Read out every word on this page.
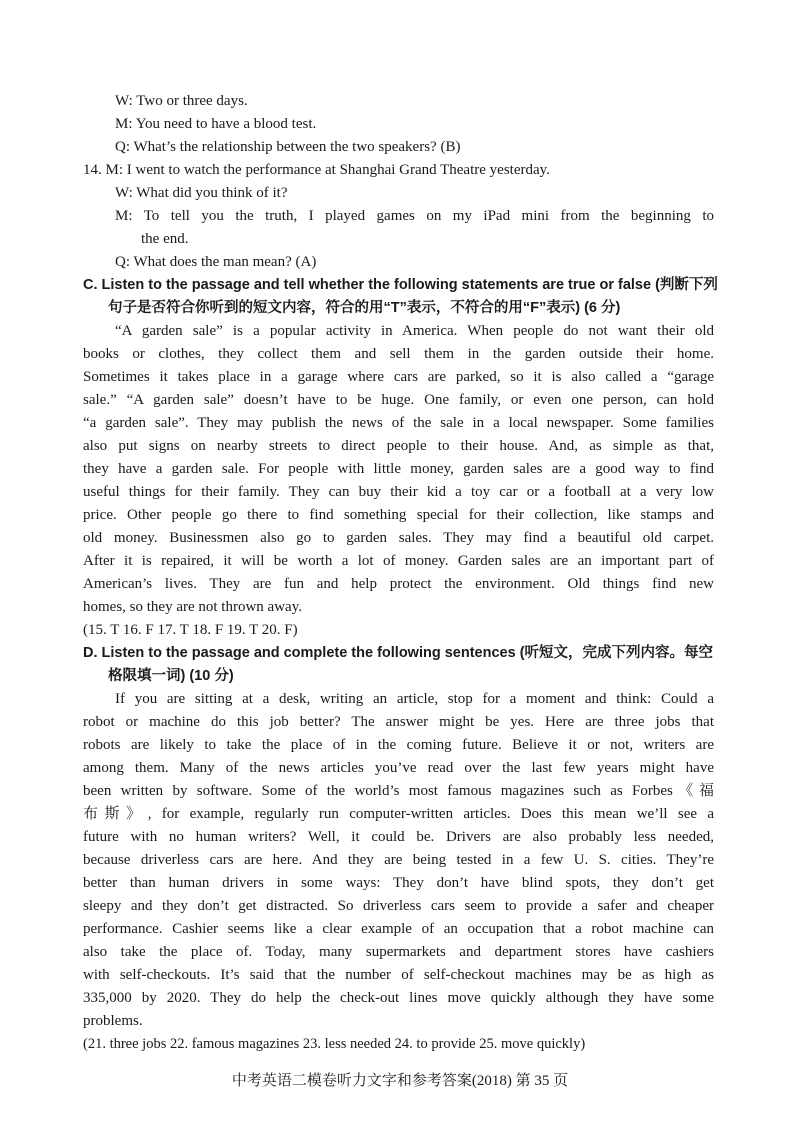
W: Two or three days.
M: You need to have a blood test.
Q: What’s the relationship between the two speakers? (B)
14. M: I went to watch the performance at Shanghai Grand Theatre yesterday.
W: What did you think of it?
M: To tell you the truth, I played games on my iPad mini from the beginning to
the end.
Q: What does the man mean? (A)
C. Listen to the passage and tell whether the following statements are true or false (判断下列
句子是否符合你听到的短文内容，符合的用“T”表示，不符合的用“F”表示) (6 分)
“A garden sale” is a popular activity in America. When people do not want their old
books or clothes, they collect them and sell them in the garden outside their home.
Sometimes it takes place in a garage where cars are parked, so it is also called a “garage
sale.” “A garden sale” doesn’t have to be huge. One family, or even one person, can hold
“a garden sale”. They may publish the news of the sale in a local newspaper. Some families
also put signs on nearby streets to direct people to their house. And, as simple as that,
they have a garden sale. For people with little money, garden sales are a good way to find
useful things for their family. They can buy their kid a toy car or a football at a very low
price. Other people go there to find something special for their collection, like stamps and
old money. Businessmen also go to garden sales. They may find a beautiful old carpet.
After it is repaired, it will be worth a lot of money. Garden sales are an important part of
American’s lives. They are fun and help protect the environment. Old things find new
homes, so they are not thrown away.
(15. T 16. F 17. T 18. F 19. T 20. F)
D. Listen to the passage and complete the following sentences (听短文，完成下列内容。每空
格限填一词) (10 分)
If you are sitting at a desk, writing an article, stop for a moment and think: Could a
robot or machine do this job better? The answer might be yes. Here are three jobs that
robots are likely to take the place of in the coming future. Believe it or not, writers are
among them. Many of the news articles you’ve read over the last few years might have
been written by software. Some of the world’s most famous magazines such as Forbes《福
布斯》, for example, regularly run computer-written articles. Does this mean we’ll see a
future with no human writers? Well, it could be. Drivers are also probably less needed,
because driverless cars are here. And they are being tested in a few U. S. cities. They’re
better than human drivers in some ways: They don’t have blind spots, they don’t get
sleepy and they don’t get distracted. So driverless cars seem to provide a safer and cheaper
performance. Cashier seems like a clear example of an occupation that a robot machine can
also take the place of. Today, many supermarkets and department stores have cashiers
with self-checkouts. It’s said that the number of self-checkout machines may be as high as
335,000 by 2020. They do help the check-out lines move quickly although they have some
problems.
(21. three jobs 22. famous magazines 23. less needed 24. to provide 25. move quickly)
中考英语二模卷听力文字和参考答案(2018) 第 35 页
